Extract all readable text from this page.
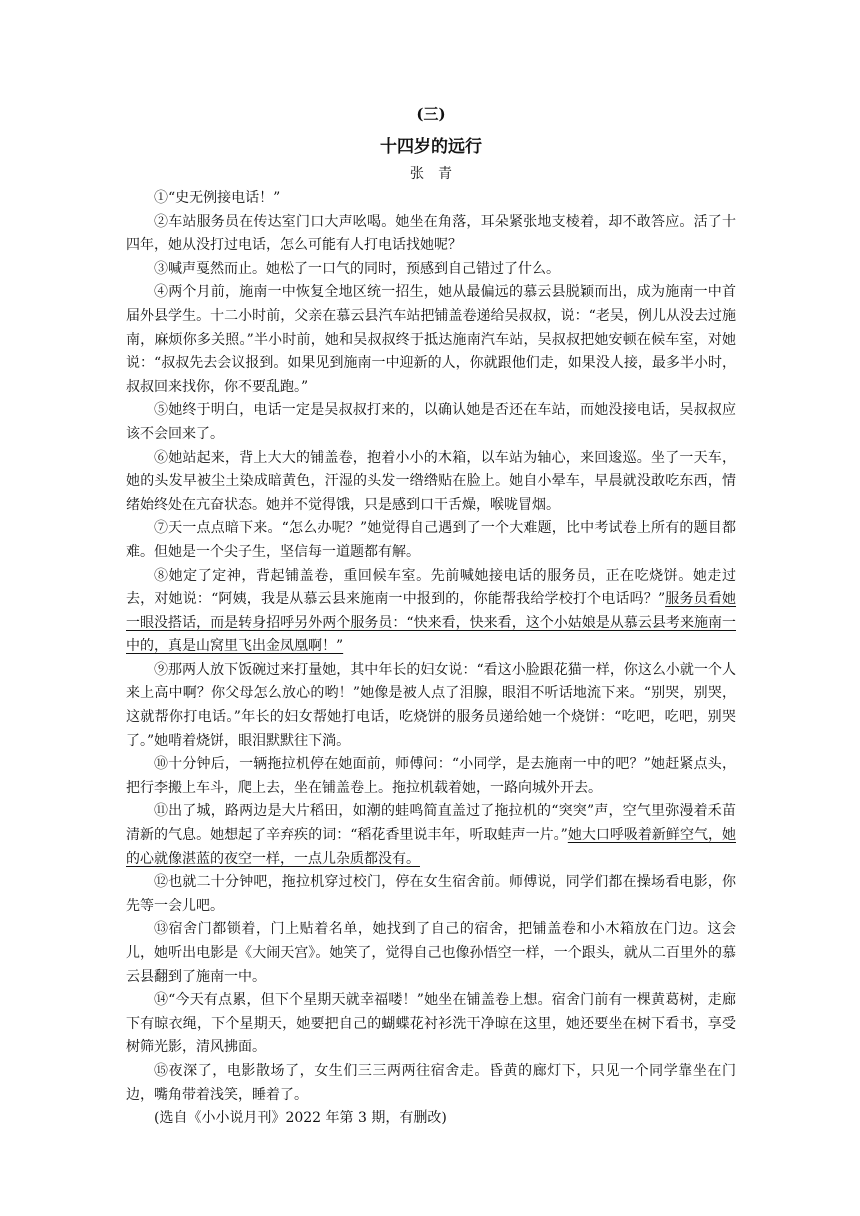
(三)
十四岁的远行
张青

①“史无例接电话！”

②车站服务员在传达室门口大声吆喝。她坐在角落，耳朵紧张地支棱着，却不敢答应。活了十四年，她从没打过电话，怎么可能有人打电话找她呢？

③喊声戛然而止。她松了一口气的同时，预感到自己错过了什么。

④两个月前，施南一中恢复全地区统一招生，她从最偏远的慕云县脱颖而出，成为施南一中首届外县学生。十二小时前，父亲在慕云县汽车站把铺盖卷递给吴叔叔，说：“老吴，例儿从没去过施南，麻烦你多关照。”半小时前，她和吴叔叔终于抵达施南汽车站，吴叔叔把她安顿在候车室，对她说：“叔叔先去会议报到。如果见到施南一中迎新的人，你就跟他们走，如果没人接，最多半小时，叔叔回来找你，你不要乱跑。”

⑤她终于明白，电话一定是吴叔叔打来的，以确认她是否还在车站，而她没接电话，吴叔叔应该不会回来了。

⑥她站起来，背上大大的铺盖卷，抱着小小的木箱，以车站为轴心，来回逡巡。坐了一天车，她的头发早被尘土染成暗黄色，汗湿的头发一绺绺贴在脸上。她自小晕车，早晨就没敢吃东西，情绪始终处在亢奋状态。她并不觉得饿，只是感到口干舌燥，喉咙冒烟。

⑦天一点点暗下来。“怎么办呢？”她觉得自己遇到了一个大难题，比中考试卷上所有的题目都难。但她是一个尖子生，坚信每一道题都有解。

⑧她定了定神，背起铺盖卷，重回候车室。先前喊她接电话的服务员，正在吃烧饼。她走过去，对她说：“阿姨，我是从慕云县来施南一中报到的，你能帮我给学校打个电话吗？”服务员看她一眼没搭话，而是转身招呼另外两个服务员：“快来看，快来看，这个小姑娘是从慕云县考来施南一中的，真是山窝里飞出金凤凰啊！”

⑨那两人放下饭碗过来打量她，其中年长的妇女说：“看这小脸跟花猫一样，你这么小就一个人来上高中啊？你父母怎么放心的哟！”她像是被人点了泪腺，眼泪不听话地流下来。“别哭，别哭，这就帮你打电话。”年长的妇女帮她打电话，吃烧饼的服务员递给她一个烧饼：“吃吧，吃吧，别哭了。”她啃着烧饼，眼泪默默往下淌。

⑩十分钟后，一辆拖拉机停在她面前，师傅问：“小同学，是去施南一中的吧？”她赶紧点头，把行李搬上车斗，爬上去，坐在铺盖卷上。拖拉机载着她，一路向城外开去。

⑪出了城，路两边是大片稻田，如潮的蛙鸣简直盖过了拖拉机的“突突”声，空气里弥漫着禾苗清新的气息。她想起了辛弃疾的词：“稻花香里说丰年，听取蛙声一片。”她大口呼吸着新鲜空气，她的心就像湛蓝的夜空一样，一点儿杂质都没有。

⑫也就二十分钟吧，拖拉机穿过校门，停在女生宿舍前。师傅说，同学们都在操场看电影，你先等一会儿吧。

⑬宿舍门都锁着，门上贴着名单，她找到了自己的宿舍，把铺盖卷和小木箱放在门边。这会儿，她听出电影是《大闹天宫》。她笑了，觉得自己也像孙悟空一样，一个跟头，就从二百里外的慕云县翻到了施南一中。

⑭“今天有点累，但下个星期天就幸福喽！”她坐在铺盖卷上想。宿舍门前有一棵黄葛树，走廊下有晾衣绳，下个星期天，她要把自己的蝴蝶花衬衫洗干净晾在这里，她还要坐在树下看书，享受树筛光影，清风拂面。

⑮夜深了，电影散场了，女生们三三两两往宿舍走。昏黄的廊灯下，只见一个同学靠坐在门边，嘴角带着浅笑，睡着了。

(选自《小小说月刊》2022 年第 3 期，有删改)
